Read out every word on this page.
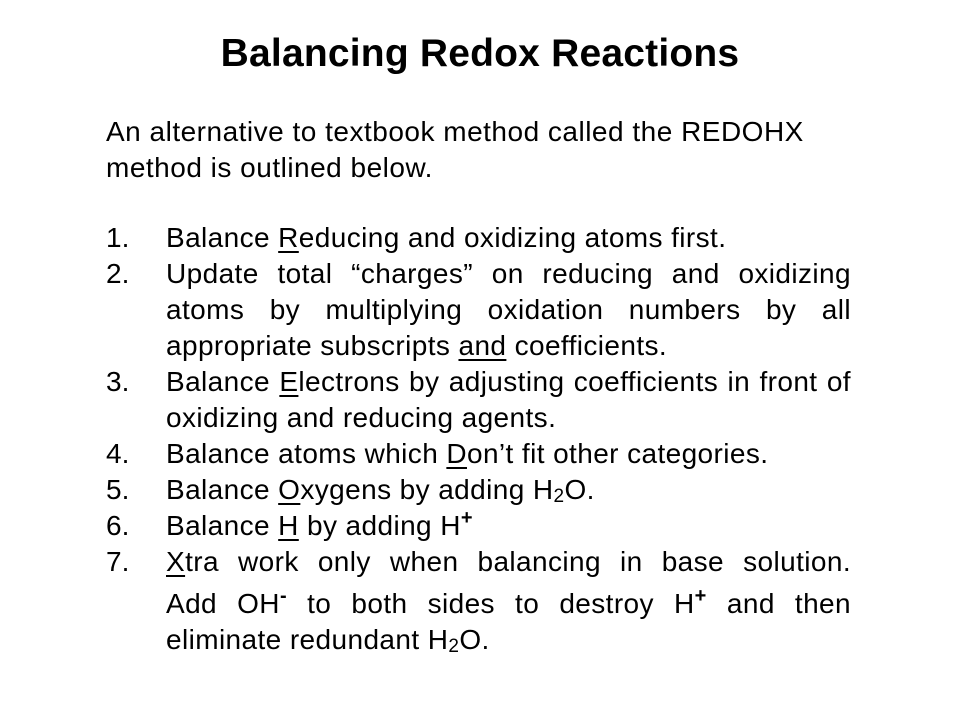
Balancing Redox Reactions
An alternative to textbook method called the REDOHX method is outlined below.
1.	Balance Reducing and oxidizing atoms first.
2.	Update total “charges” on reducing and oxidizing atoms by multiplying oxidation numbers by all appropriate subscripts and coefficients.
3.	Balance Electrons by adjusting coefficients in front of oxidizing and reducing agents.
4.	Balance atoms which Don’t fit other categories.
5.	Balance Oxygens by adding $H_2O$.
6.	Balance H by adding H+
7.	Xtra work only when balancing in base solution.
Add OH- to both sides to destroy H+ and then eliminate redundant $H_2O$.
